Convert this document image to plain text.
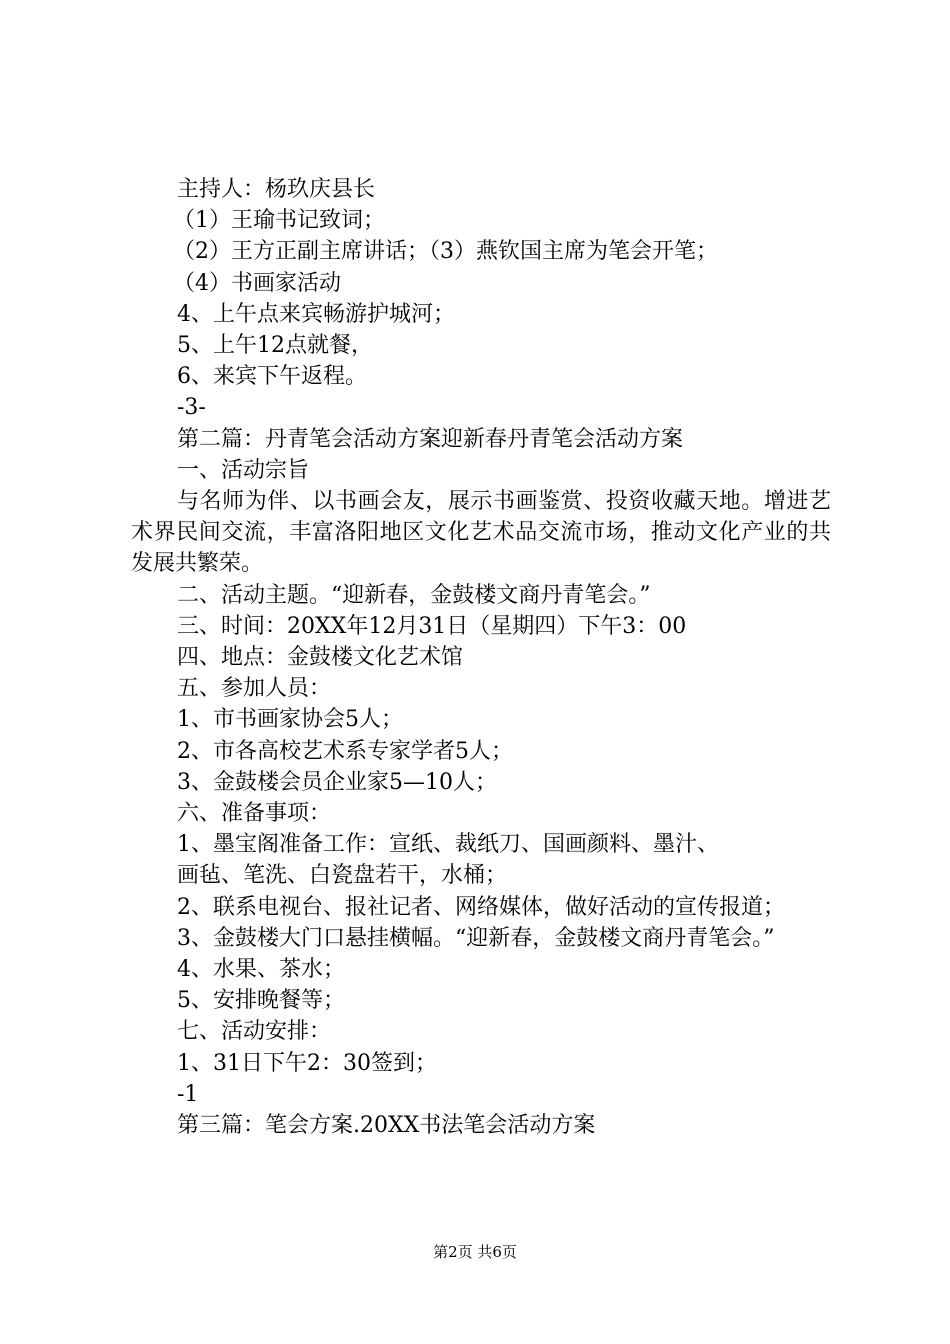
主持人：杨玖庆县长
（1）王瑜书记致词；
（2）王方正副主席讲话；（3）燕钦国主席为笔会开笔；
（4）书画家活动
4、上午点来宾畅游护城河；
5、上午12点就餐，
6、来宾下午返程。
-3-
第二篇：丹青笔会活动方案迎新春丹青笔会活动方案
一、活动宗旨
与名师为伴、以书画会友，展示书画鉴赏、投资收藏天地。增进艺术界民间交流，丰富洛阳地区文化艺术品交流市场，推动文化产业的共发展共繁荣。
二、活动主题。“迎新春，金鼓楼文商丹青笔会。”
三、时间：20XX年12月31日（星期四）下午3：00
四、地点：金鼓楼文化艺术馆
五、参加人员：
1、市书画家协会5人；
2、市各高校艺术系专家学者5人；
3、金鼓楼会员企业家5—10人；
六、准备事项：
1、墨宝阁准备工作：宣纸、裁纸刀、国画颜料、墨汁、
画毡、笔洗、白瓷盘若干，水桶；
2、联系电视台、报社记者、网络媒体，做好活动的宣传报道；
3、金鼓楼大门口悬挂横幅。“迎新春，金鼓楼文商丹青笔会。”
4、水果、茶水；
5、安排晚餐等；
七、活动安排：
1、31日下午2：30签到；
-1
第三篇：笔会方案.20XX书法笔会活动方案
第2页 共6页
